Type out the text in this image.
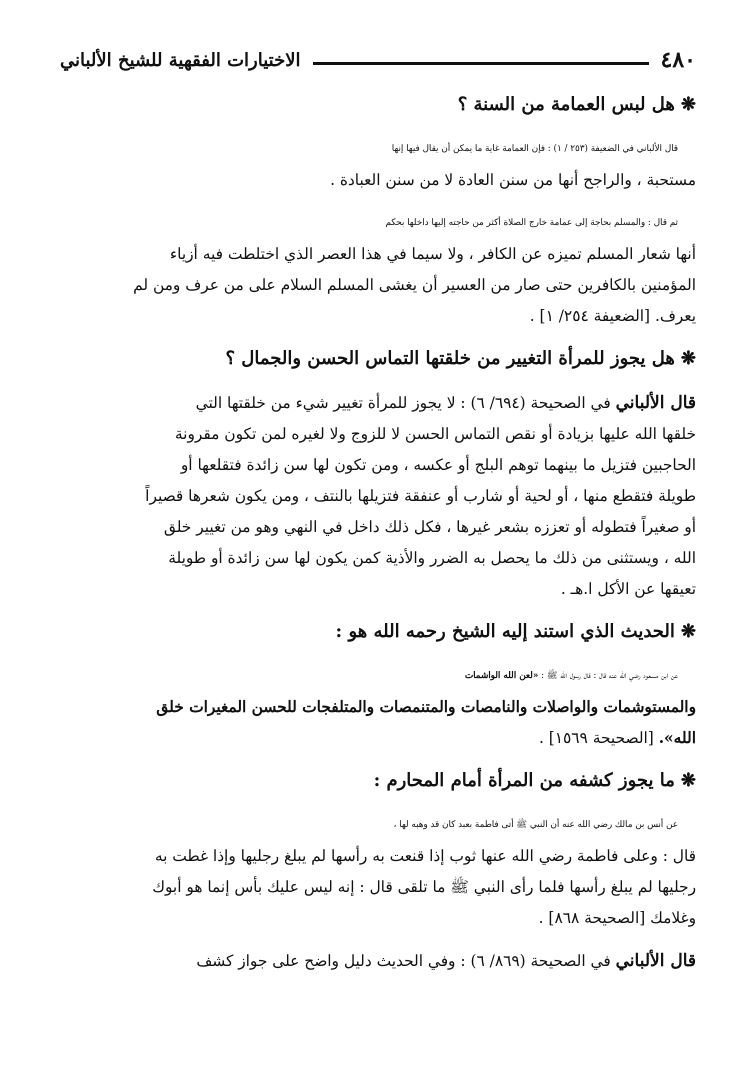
٤٨٠
الاختيارات الفقهية للشيخ الألباني
❋هل لبس العمامة من السنة ؟
قال الألباني في الضعيفة (٢٥٣ / ١) : فإن العمامة غاية ما يمكن أن يقال فيها إنها
مستحبة ، والراجح أنها من سنن العادة لا من سنن العبادة .
ثم قال : والمسلم بحاجة إلى عمامة خارج الصلاة أكثر من حاجته إليها داخلها بحكم
أنها شعار المسلم تميزه عن الكافر ، ولا سيما في هذا العصر الذي اختلطت فيه أزياء
المؤمنين بالكافرين حتى صار من العسير أن يغشى المسلم السلام على من عرف ومن لم
يعرف. [الضعيفة ٢٥٤/ ١] .
❋هل يجوز للمرأة التغيير من خلقتها التماس الحسن والجمال ؟
قال الألباني في الصحيحة (٦٩٤/ ٦) : لا يجوز للمرأة تغيير شيء من خلقتها التي
خلقها الله عليها بزيادة أو نقص التماس الحسن لا للزوج ولا لغيره لمن تكون مقرونة
الحاجبين فتزيل ما بينهما توهم البلج أو عكسه ، ومن تكون لها سن زائدة فتقلعها أو
طويلة فتقطع منها ، أو لحية أو شارب أو عنفقة فتزيلها بالنتف ، ومن يكون شعرها قصيراً
أو صغيراً فتطوله أو تعززه بشعر غيرها ، فكل ذلك داخل في النهي وهو من تغيير خلق
الله ، ويستثنى من ذلك ما يحصل به الضرر والأذية كمن يكون لها سن زائدة أو طويلة
تعيقها عن الأكل ا.هـ .
❋الحديث الذي استند إليه الشيخ رحمه الله هو :
عن ابن مسعود رضي الله عنه قال : قال رسول الله ﷺ : «لعن الله الواشمات
والمستوشمات والواصلات والنامصات والمتنمصات والمتلفجات للحسن المغيرات خلق
الله». [الصحيحة ١٥٦٩] .
❋ما يجوز كشفه من المرأة أمام المحارم :
عن أنس بن مالك رضي الله عنه أن النبي ﷺ أتى فاطمة بعبد كان قد وهبه لها ،
قال : وعلى فاطمة رضي الله عنها ثوب إذا قنعت به رأسها لم يبلغ رجليها وإذا غطت به
رجليها لم يبلغ رأسها فلما رأى النبي ﷺ ما تلقى قال : إنه ليس عليك بأس إنما هو أبوك
وغلامك [الصحيحة ٨٦٨] .
قال الألباني في الصحيحة (٨٦٩/ ٦) : وفي الحديث دليل واضح على جواز كشف
